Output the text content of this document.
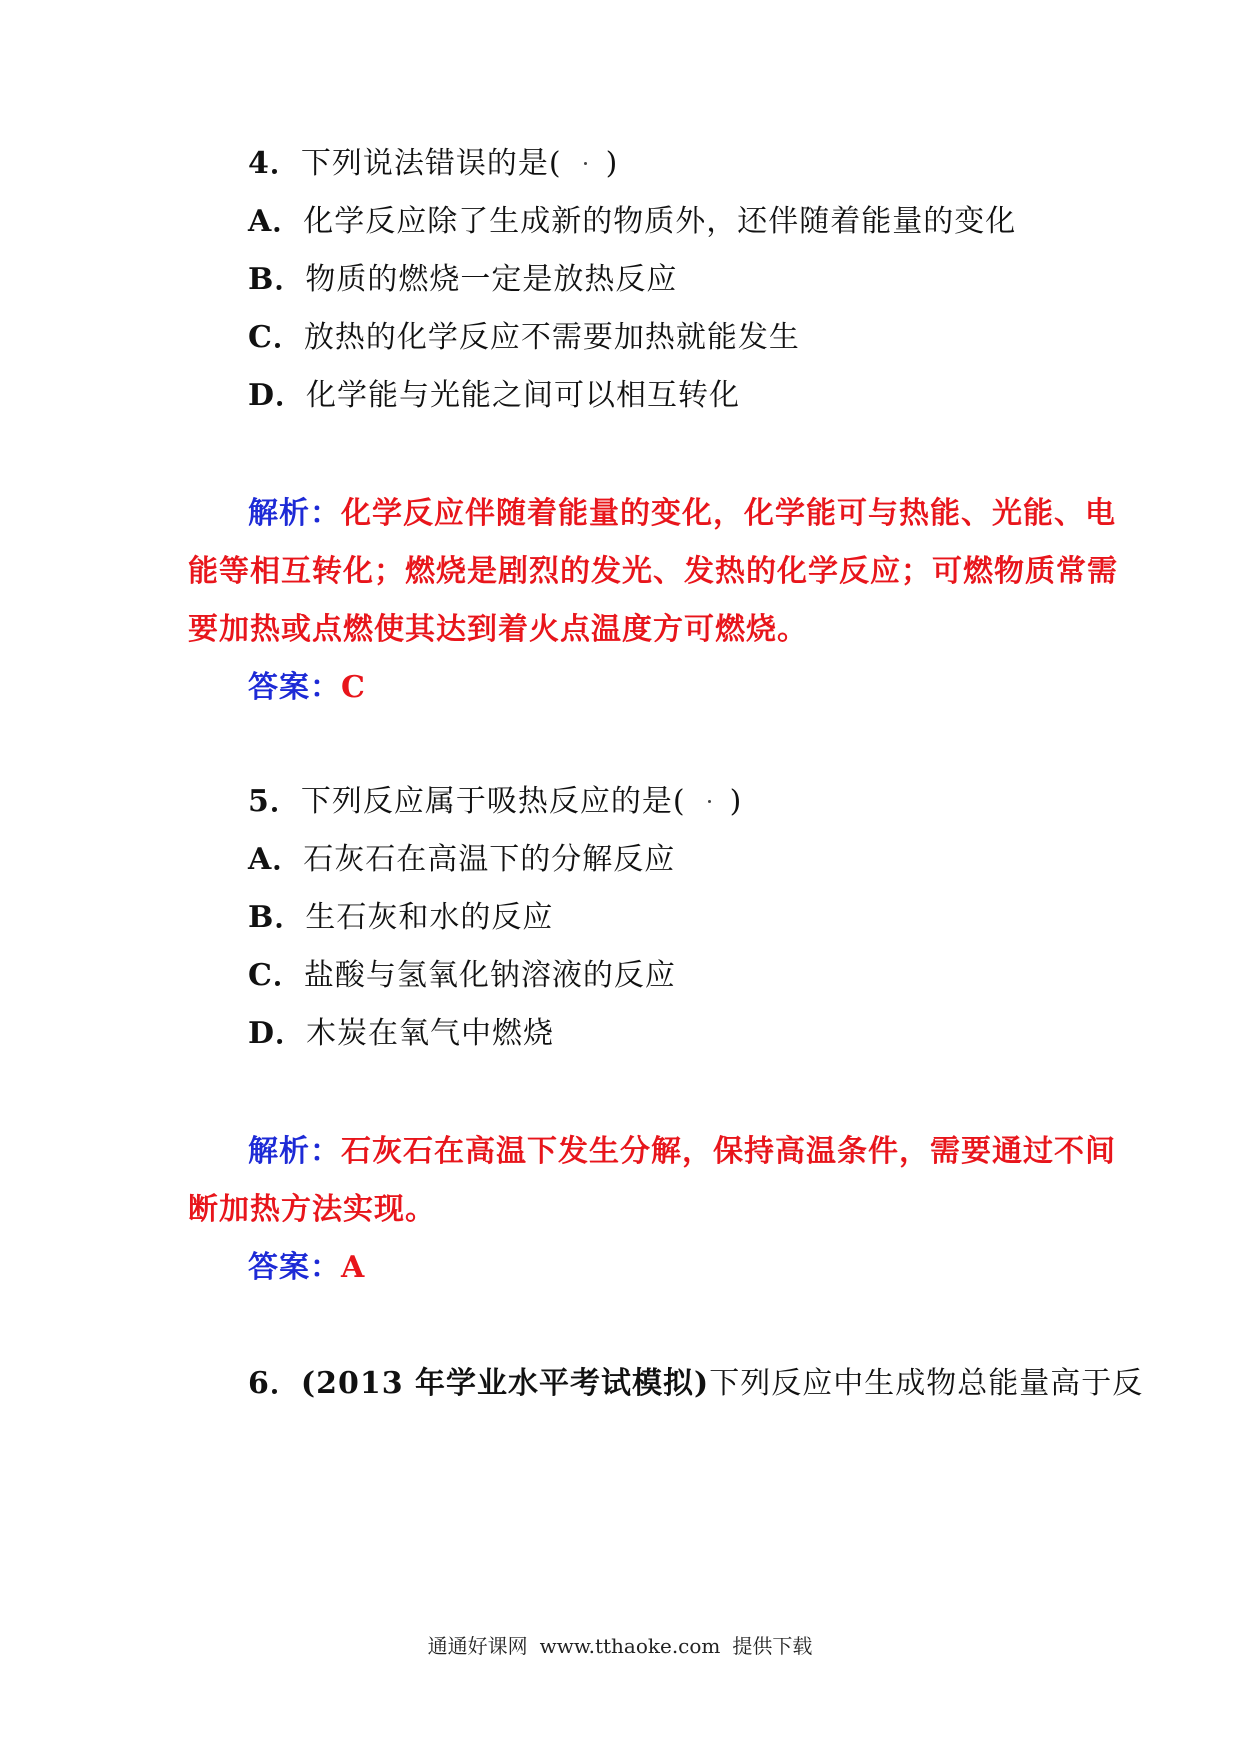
4．下列说法错误的是( )
A．化学反应除了生成新的物质外，还伴随着能量的变化
B．物质的燃烧一定是放热反应
C．放热的化学反应不需要加热就能发生
D．化学能与光能之间可以相互转化
解析：化学反应伴随着能量的变化，化学能可与热能、光能、电
能等相互转化；燃烧是剧烈的发光、发热的化学反应；可燃物质常需
要加热或点燃使其达到着火点温度方可燃烧。
答案：C
5．下列反应属于吸热反应的是( )
A．石灰石在高温下的分解反应
B．生石灰和水的反应
C．盐酸与氢氧化钠溶液的反应
D．木炭在氧气中燃烧
解析：石灰石在高温下发生分解，保持高温条件，需要通过不间
断加热方法实现。
答案：A
6．(2013 年学业水平考试模拟)下列反应中生成物总能量高于反
通通好课网 www.tthaoke.com 提供下载
